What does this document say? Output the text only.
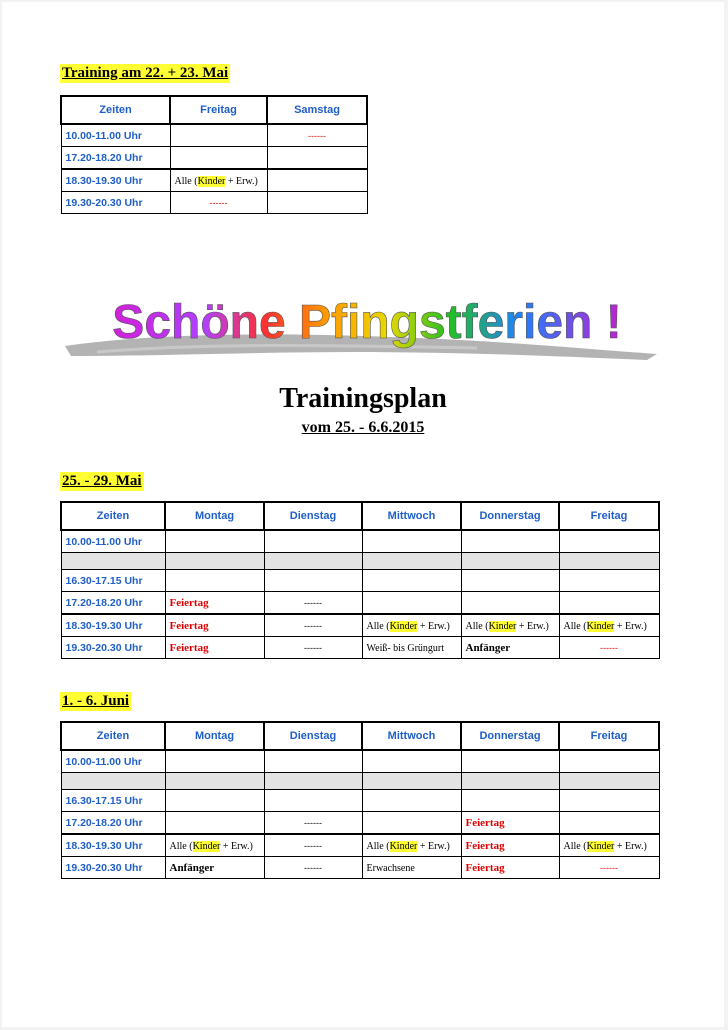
Training am 22. + 23. Mai
Zeiten	Freitag	Samstag
10.00-11.00 Uhr		------
17.20-18.20 Uhr		
18.30-19.30 Uhr	Alle (Kinder + Erw.)	
19.30-20.30 Uhr	------	
Schöne Pfingstferien !
Trainingsplan
vom 25. - 6.6.2015
25. - 29. Mai
Zeiten	Montag	Dienstag	Mittwoch	Donnerstag	Freitag
10.00-11.00 Uhr					

16.30-17.15 Uhr					
17.20-18.20 Uhr	Feiertag	------			
18.30-19.30 Uhr	Feiertag	------	Alle (Kinder + Erw.)	Alle (Kinder + Erw.)	Alle (Kinder + Erw.)
19.30-20.30 Uhr	Feiertag	------	Weiß- bis Grüngurt	Anfänger	------
1. - 6. Juni
Zeiten	Montag	Dienstag	Mittwoch	Donnerstag	Freitag
10.00-11.00 Uhr					

16.30-17.15 Uhr					
17.20-18.20 Uhr		------		Feiertag	
18.30-19.30 Uhr	Alle (Kinder + Erw.)	------	Alle (Kinder + Erw.)	Feiertag	Alle (Kinder + Erw.)
19.30-20.30 Uhr	Anfänger	------	Erwachsene	Feiertag	------
